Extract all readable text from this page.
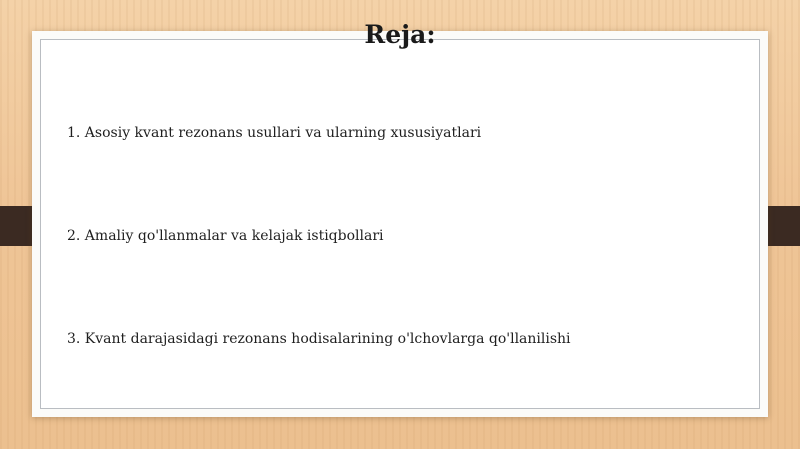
Reja:
1. Asosiy kvant rezonans usullari va ularning xususiyatlari
2. Amaliy qo'llanmalar va kelajak istiqbollari
3. Kvant darajasidagi rezonans hodisalarining o'lchovlarga qo'llanilishi
